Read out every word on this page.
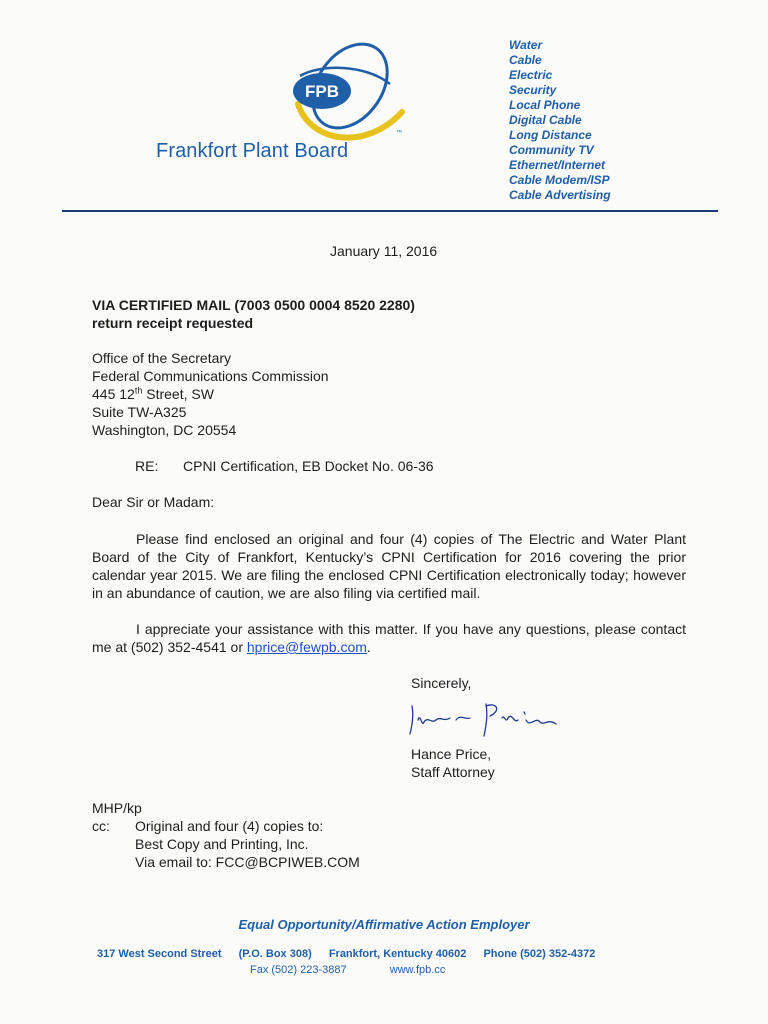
FPB
™
Frankfort Plant Board
Water
Cable
Electric
Security
Local Phone
Digital Cable
Long Distance
Community TV
Ethernet/Internet
Cable Modem/ISP
Cable Advertising
January 11, 2016
VIA CERTIFIED MAIL (7003 0500 0004 8520 2280)
return receipt requested
Office of the Secretary
Federal Communications Commission
445 12th Street, SW
Suite TW-A325
Washington, DC 20554
RE: CPNI Certification, EB Docket No. 06-36
Dear Sir or Madam:
Please find enclosed an original and four (4) copies of The Electric and Water Plant Board of the City of Frankfort, Kentucky’s CPNI Certification for 2016 covering the prior calendar year 2015. We are filing the enclosed CPNI Certification electronically today; however in an abundance of caution, we are also filing via certified mail.
I appreciate your assistance with this matter. If you have any questions, please contact me at (502) 352-4541 or hprice@fewpb.com.
Sincerely,
Hance Price,
Staff Attorney
MHP/kp
cc: Original and four (4) copies to:
Best Copy and Printing, Inc.
Via email to: FCC@BCPIWEB.COM
Equal Opportunity/Affirmative Action Employer
317 West Second Street (P.O. Box 308) Frankfort, Kentucky 40602 Phone (502) 352-4372
Fax (502) 223-3887	www.fpb.cc
